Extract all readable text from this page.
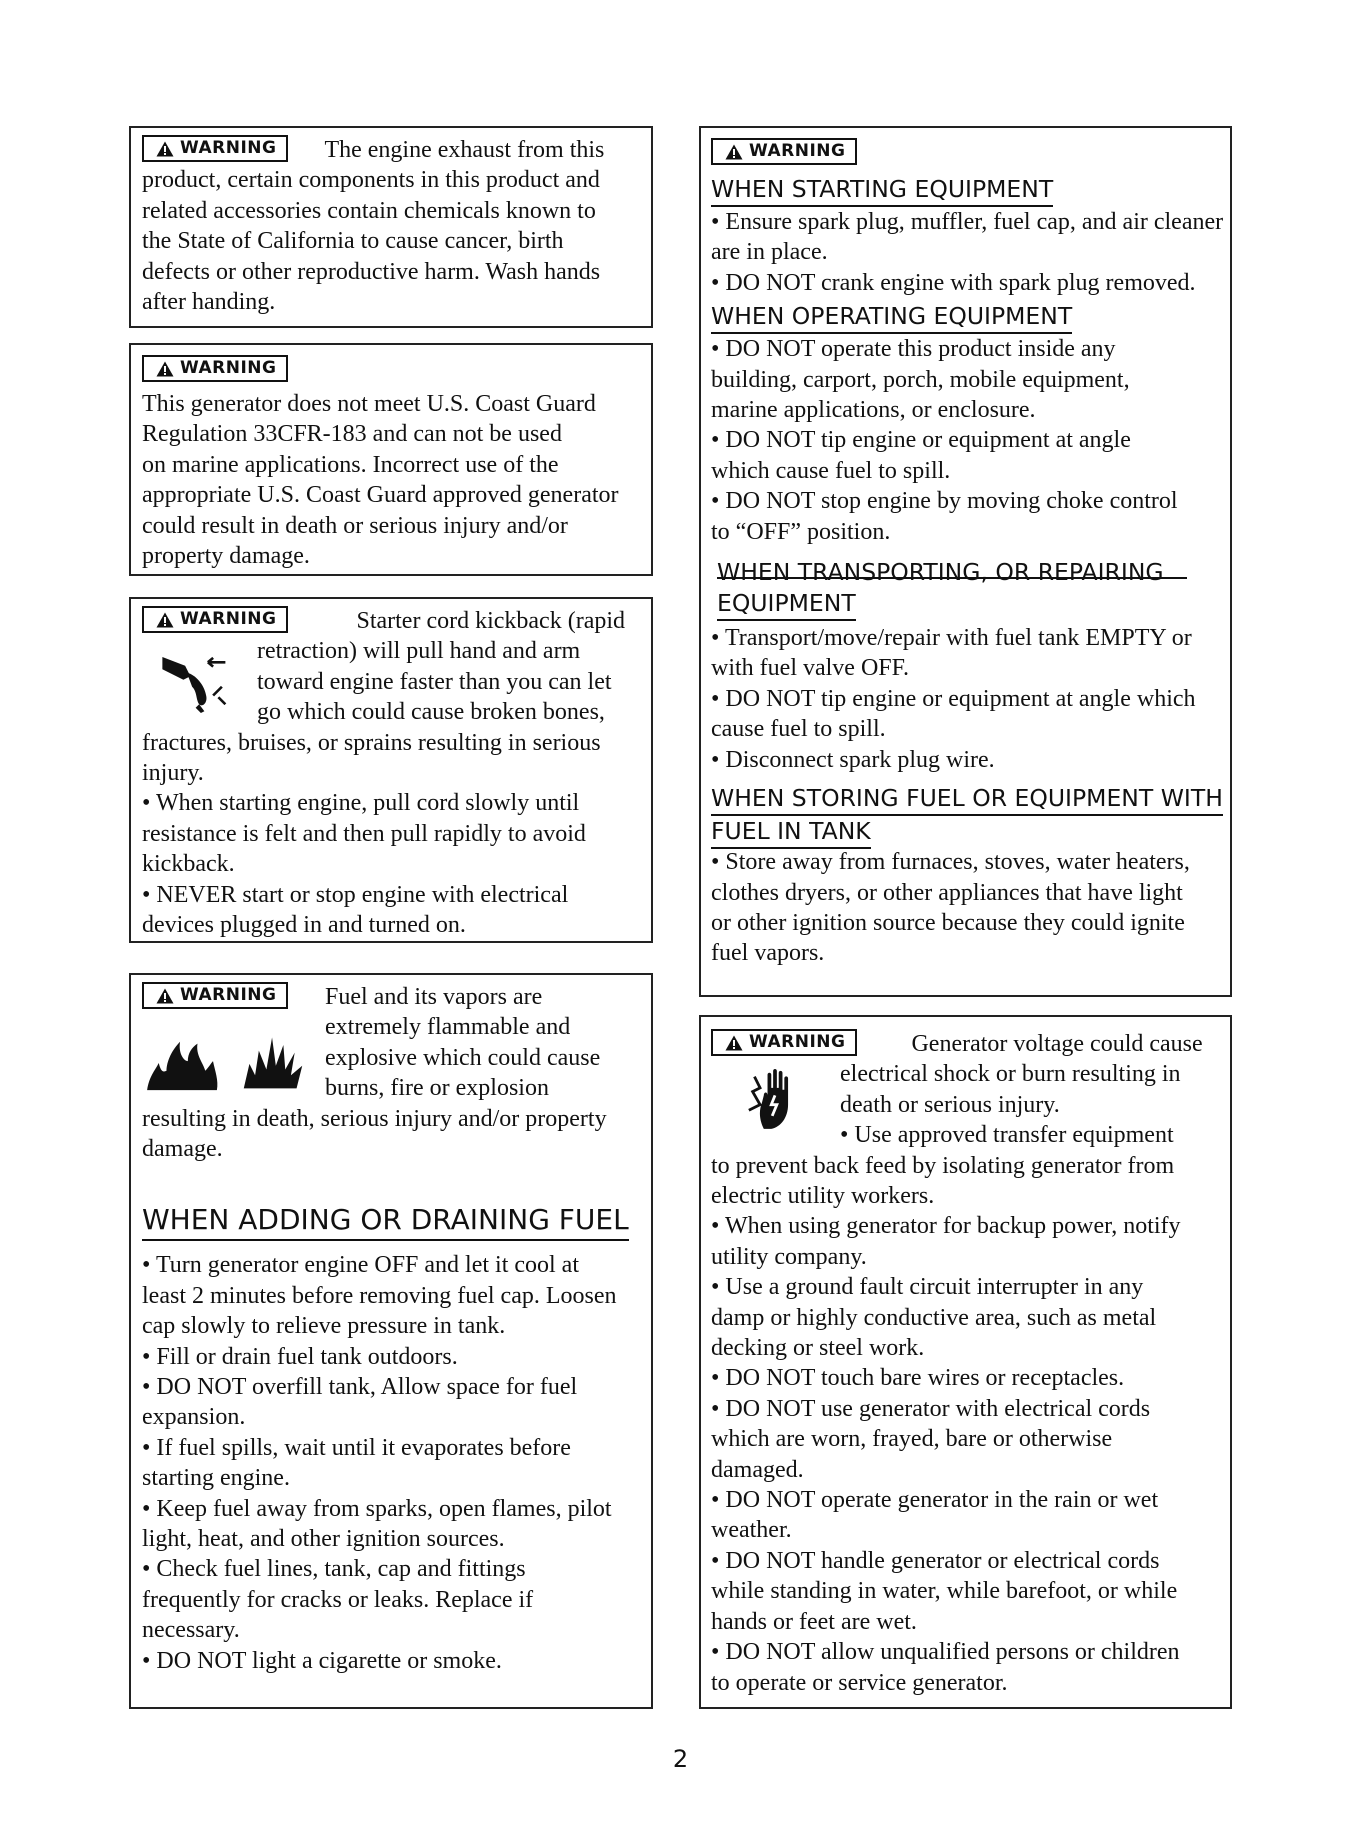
WARNING The engine exhaust from this

product, certain components in this product and

related accessories contain chemicals known to

the State of California to cause cancer, birth

defects or other reproductive harm. Wash hands

after handing.

WARNING

This generator does not meet U.S. Coast Guard

Regulation 33CFR-183 and can not be used

on marine applications. Incorrect use of the

appropriate U.S. Coast Guard approved generator

could result in death or serious injury and/or

property damage.

WARNING	Starter cord kickback (rapid

retraction) will pull hand and arm

toward engine faster than you can let

go which could cause broken bones,

fractures, bruises, or sprains resulting in serious

injury.

• When starting engine, pull cord slowly until

resistance is felt and then pull rapidly to avoid

kickback.

• NEVER start or stop engine with electrical

devices plugged in and turned on.

WARNING Fuel and its vapors are

extremely flammable and

explosive which could cause

burns, fire or explosion

resulting in death, serious injury and/or property

damage.

WHEN ADDING OR DRAINING FUEL

• Turn generator engine OFF and let it cool at

least 2 minutes before removing fuel cap. Loosen

cap slowly to relieve pressure in tank.

• Fill or drain fuel tank outdoors.

• DO NOT overfill tank, Allow space for fuel

expansion.

• If fuel spills, wait until it evaporates before

starting engine.

• Keep fuel away from sparks, open flames, pilot

light, heat, and other ignition sources.

• Check fuel lines, tank, cap and fittings

frequently for cracks or leaks. Replace if

necessary.

• DO NOT light a cigarette or smoke.

WARNING
WHEN STARTING EQUIPMENT

• Ensure spark plug, muffler, fuel cap, and air cleaner

are in place.

• DO NOT crank engine with spark plug removed.

WHEN OPERATING EQUIPMENT

• DO NOT operate this product inside any

building, carport, porch, mobile equipment,

marine applications, or enclosure.

• DO NOT tip engine or equipment at angle

which cause fuel to spill.

• DO NOT stop engine by moving choke control

to “OFF” position.

WHEN TRANSPORTING, OR REPAIRING
EQUIPMENT

• Transport/move/repair with fuel tank EMPTY or

with fuel valve OFF.

• DO NOT tip engine or equipment at angle which

cause fuel to spill.

• Disconnect spark plug wire.

WHEN STORING FUEL OR EQUIPMENT WITH
FUEL IN TANK

• Store away from furnaces, stoves, water heaters,

clothes dryers, or other appliances that have light

or other ignition source because they could ignite

fuel vapors.

WARNING	Generator voltage could cause

electrical shock or burn resulting in

death or serious injury.

• Use approved transfer equipment

to prevent back feed by isolating generator from

electric utility workers.

• When using generator for backup power, notify

utility company.

• Use a ground fault circuit interrupter in any

damp or highly conductive area, such as metal

decking or steel work.

• DO NOT touch bare wires or receptacles.

• DO NOT use generator with electrical cords

which are worn, frayed, bare or otherwise

damaged.

• DO NOT operate generator in the rain or wet

weather.

• DO NOT handle generator or electrical cords

while standing in water, while barefoot, or while

hands or feet are wet.

• DO NOT allow unqualified persons or children

to operate or service generator.

2
